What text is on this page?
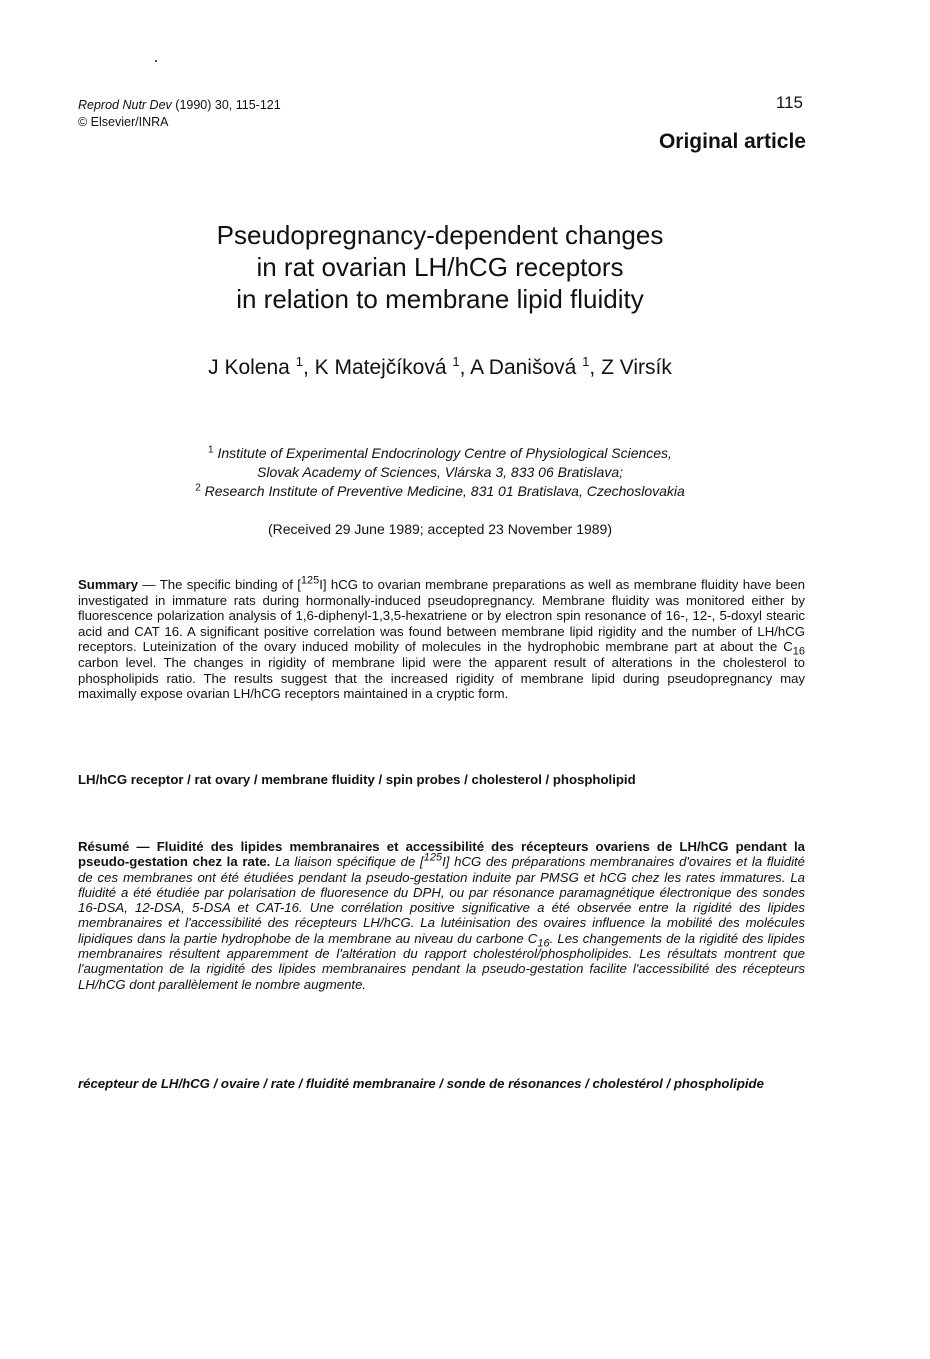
Reprod Nutr Dev (1990) 30, 115-121
© Elsevier/INRA
115
Original article
Pseudopregnancy-dependent changes
in rat ovarian LH/hCG receptors
in relation to membrane lipid fluidity
J Kolena $^1$, K Matejčíková $^1$, A Danišová $^1$, Z Virsík
$^1$ Institute of Experimental Endocrinology Centre of Physiological Sciences,
Slovak Academy of Sciences, Vlárska 3, 833 06 Bratislava;
$^2$ Research Institute of Preventive Medicine, 831 01 Bratislava, Czechoslovakia
(Received 29 June 1989; accepted 23 November 1989)
Summary — The specific binding of [$^{125}$I] hCG to ovarian membrane preparations as well as membrane fluidity have been investigated in immature rats during hormonally-induced pseudopregnancy. Membrane fluidity was monitored either by fluorescence polarization analysis of 1,6-diphenyl-1,3,5-hexatriene or by electron spin resonance of 16-, 12-, 5-doxyl stearic acid and CAT 16. A significant positive correlation was found between membrane lipid rigidity and the number of LH/hCG receptors. Luteinization of the ovary induced mobility of molecules in the hydrophobic membrane part at about the $C_{16}$ carbon level. The changes in rigidity of membrane lipid were the apparent result of alterations in the cholesterol to phospholipids ratio. The results suggest that the increased rigidity of membrane lipid during pseudopregnancy may maximally expose ovarian LH/hCG receptors maintained in a cryptic form.
LH/hCG receptor / rat ovary / membrane fluidity / spin probes / cholesterol / phospholipid
Résumé — Fluidité des lipides membranaires et accessibilité des récepteurs ovariens de LH/hCG pendant la pseudo-gestation chez la rate. La liaison spécifique de [$^{125}$I] hCG des préparations membranaires d'ovaires et la fluidité de ces membranes ont été étudiées pendant la pseudo-gestation induite par PMSG et hCG chez les rates immatures. La fluidité a été étudiée par polarisation de fluoresence du DPH, ou par résonance paramagnétique électronique des sondes 16-DSA, 12-DSA, 5-DSA et CAT-16. Une corrélation positive significative a été observée entre la rigidité des lipides membranaires et l'accessibilité des récepteurs LH/hCG. La lutéinisation des ovaires influence la mobilité des molécules lipidiques dans la partie hydrophobe de la membrane au niveau du carbone $C_{16}$. Les changements de la rigidité des lipides membranaires résultent apparemment de l'altération du rapport cholestérol/phospholipides. Les résultats montrent que l'augmentation de la rigidité des lipides membranaires pendant la pseudo-gestation facilite l'accessibilité des récepteurs LH/hCG dont parallèlement le nombre augmente.
récepteur de LH/hCG / ovaire / rate / fluidité membranaire / sonde de résonances / cholestérol / phospholipide
